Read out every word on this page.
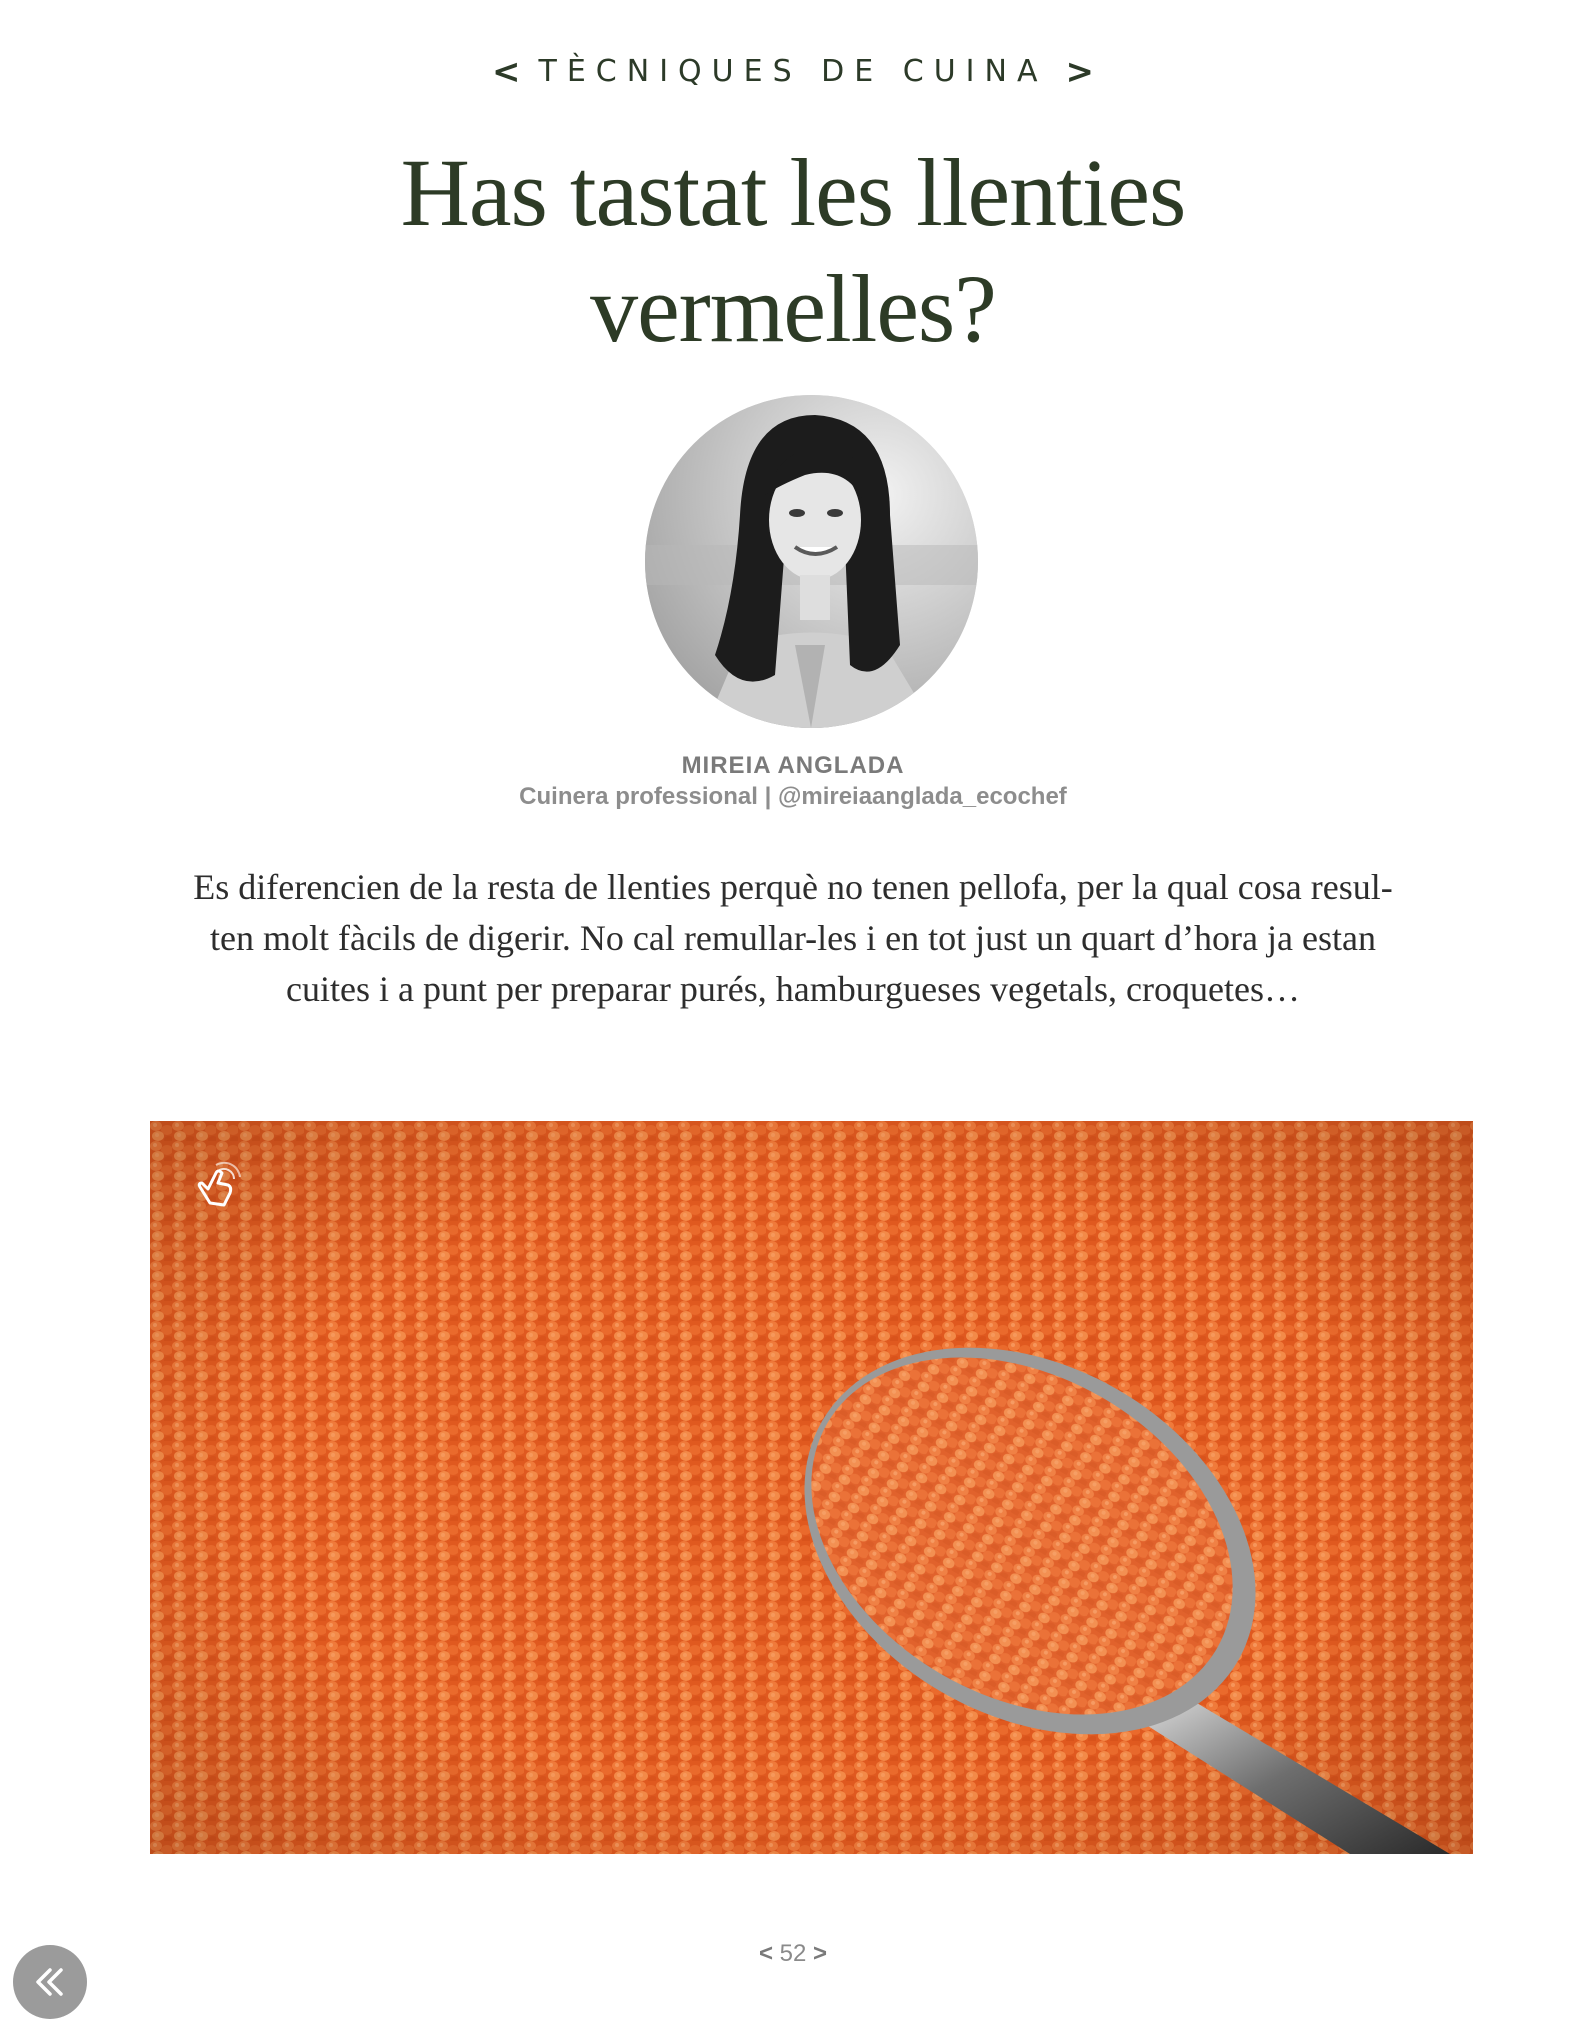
< TÈCNIQUES DE CUINA >
Has tastat les llenties
vermelles?
MIREIA ANGLADA
Cuinera professional | @mireiaanglada_ecochef
Es diferencien de la resta de llenties perquè no tenen pellofa, per la qual cosa resul-
ten molt fàcils de digerir. No cal remullar-les i en tot just un quart d’hora ja estan
cuites i a punt per preparar purés, hamburgueses vegetals, croquetes…
< 52 >
